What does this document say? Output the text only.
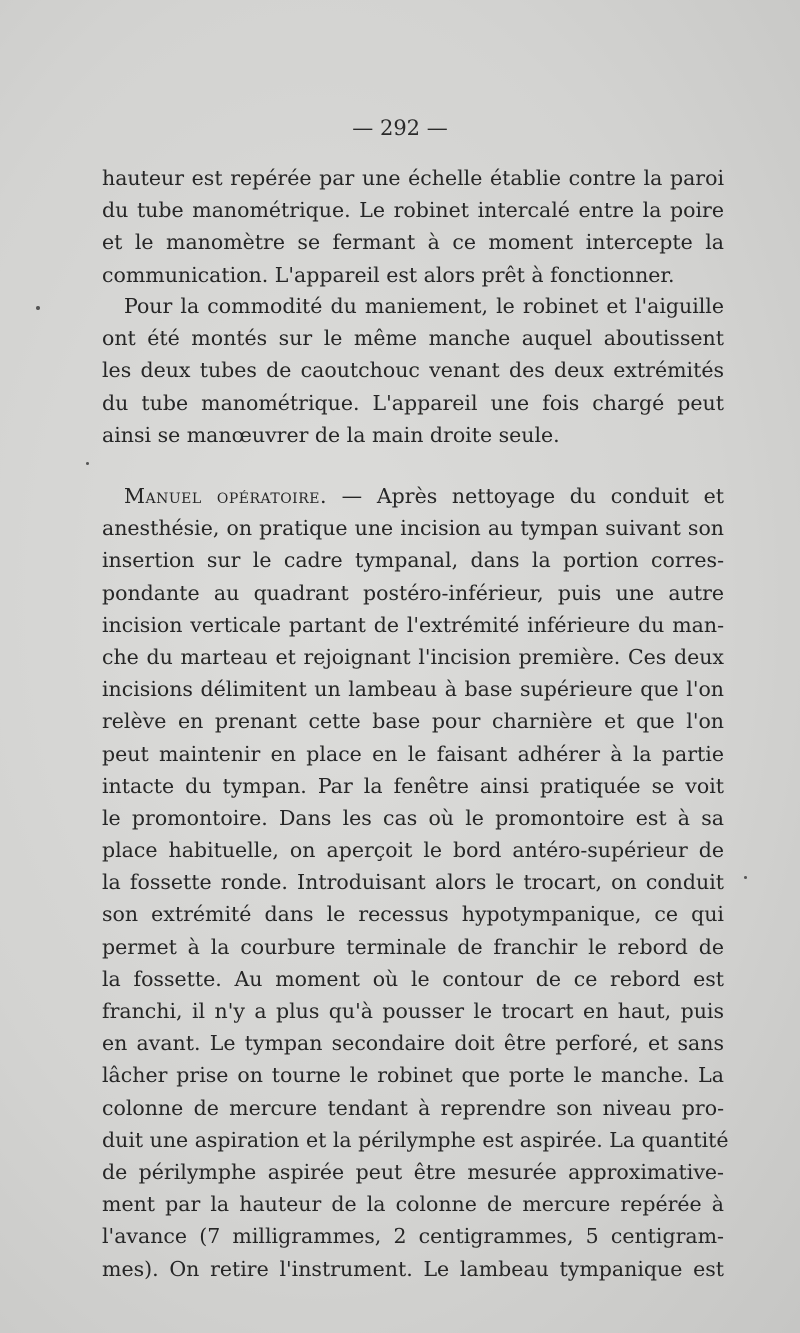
— 292 —
hauteur est repérée par une échelle établie contre la paroi
du tube manométrique. Le robinet intercalé entre la poire
et le manomètre se fermant à ce moment intercepte la
communication. L'appareil est alors prêt à fonctionner.
Pour la commodité du maniement, le robinet et l'aiguille
ont été montés sur le même manche auquel aboutissent
les deux tubes de caoutchouc venant des deux extrémités
du tube manométrique. L'appareil une fois chargé peut
ainsi se manœuvrer de la main droite seule.
Manuel opératoire. — Après nettoyage du conduit et
anesthésie, on pratique une incision au tympan suivant son
insertion sur le cadre tympanal, dans la portion corres-
pondante au quadrant postéro-inférieur, puis une autre
incision verticale partant de l'extrémité inférieure du man-
che du marteau et rejoignant l'incision première. Ces deux
incisions délimitent un lambeau à base supérieure que l'on
relève en prenant cette base pour charnière et que l'on
peut maintenir en place en le faisant adhérer à la partie
intacte du tympan. Par la fenêtre ainsi pratiquée se voit
le promontoire. Dans les cas où le promontoire est à sa
place habituelle, on aperçoit le bord antéro-supérieur de
la fossette ronde. Introduisant alors le trocart, on conduit
son extrémité dans le recessus hypotympanique, ce qui
permet à la courbure terminale de franchir le rebord de
la fossette. Au moment où le contour de ce rebord est
franchi, il n'y a plus qu'à pousser le trocart en haut, puis
en avant. Le tympan secondaire doit être perforé, et sans
lâcher prise on tourne le robinet que porte le manche. La
colonne de mercure tendant à reprendre son niveau pro-
duit une aspiration et la périlymphe est aspirée. La quantité
de périlymphe aspirée peut être mesurée approximative-
ment par la hauteur de la colonne de mercure repérée à
l'avance (7 milligrammes, 2 centigrammes, 5 centigram-
mes). On retire l'instrument. Le lambeau tympanique est
